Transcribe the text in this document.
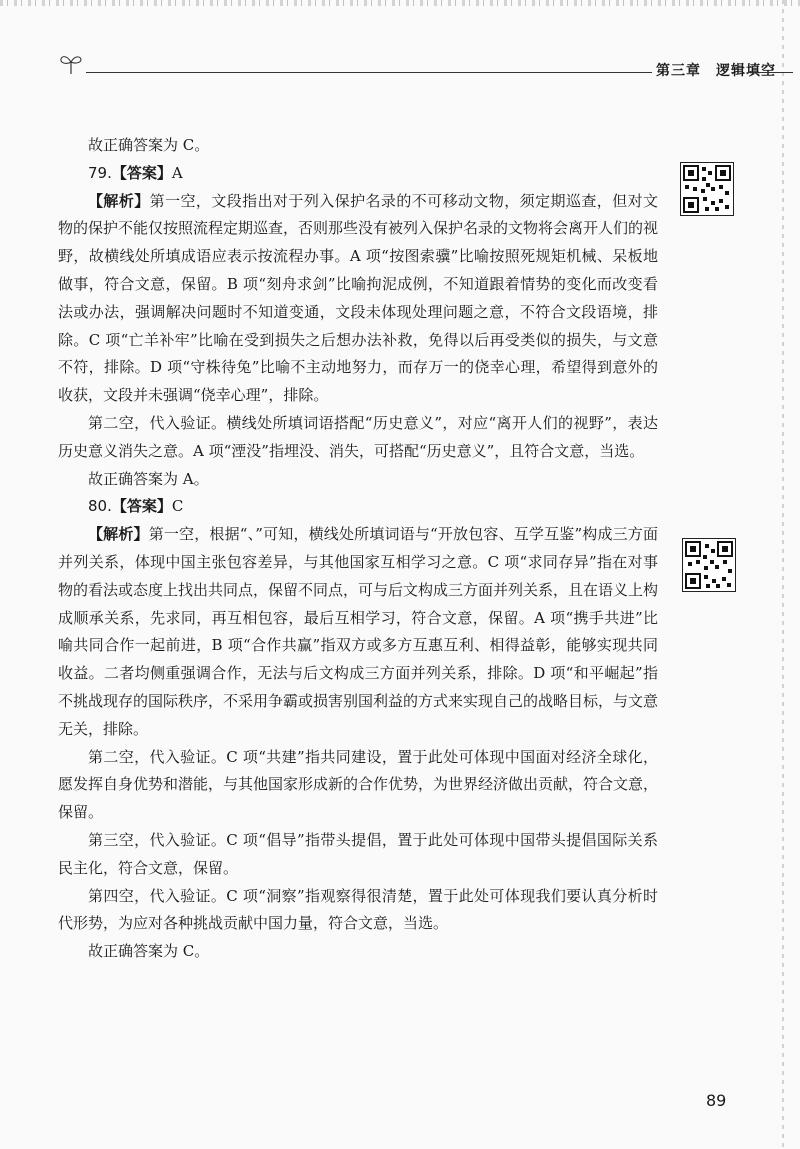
第三章　逻辑填空

故正确答案为 C。

79.【答案】A

【解析】第一空，文段指出对于列入保护名录的不可移动文物，须定期巡查，但对文物的保护不能仅按照流程定期巡查，否则那些没有被列入保护名录的文物将会离开人们的视野，故横线处所填成语应表示按流程办事。A 项“按图索骥”比喻按照死规矩机械、呆板地做事，符合文意，保留。B 项“刻舟求剑”比喻拘泥成例，不知道跟着情势的变化而改变看法或办法，强调解决问题时不知道变通，文段未体现处理问题之意，不符合文段语境，排除。C 项“亡羊补牢”比喻在受到损失之后想办法补救，免得以后再受类似的损失，与文意不符，排除。D 项“守株待兔”比喻不主动地努力，而存万一的侥幸心理，希望得到意外的收获，文段并未强调“侥幸心理”，排除。

第二空，代入验证。横线处所填词语搭配“历史意义”，对应“离开人们的视野”，表达历史意义消失之意。A 项“湮没”指埋没、消失，可搭配“历史意义”，且符合文意，当选。

故正确答案为 A。

80.【答案】C

【解析】第一空，根据“、”可知，横线处所填词语与“开放包容、互学互鉴”构成三方面并列关系，体现中国主张包容差异，与其他国家互相学习之意。C 项“求同存异”指在对事物的看法或态度上找出共同点，保留不同点，可与后文构成三方面并列关系，且在语义上构成顺承关系，先求同，再互相包容，最后互相学习，符合文意，保留。A 项“携手共进”比喻共同合作一起前进，B 项“合作共赢”指双方或多方互惠互利、相得益彰，能够实现共同收益。二者均侧重强调合作，无法与后文构成三方面并列关系，排除。D 项“和平崛起”指不挑战现存的国际秩序，不采用争霸或损害别国利益的方式来实现自己的战略目标，与文意无关，排除。

第二空，代入验证。C 项“共建”指共同建设，置于此处可体现中国面对经济全球化，愿发挥自身优势和潜能，与其他国家形成新的合作优势，为世界经济做出贡献，符合文意，保留。

第三空，代入验证。C 项“倡导”指带头提倡，置于此处可体现中国带头提倡国际关系民主化，符合文意，保留。

第四空，代入验证。C 项“洞察”指观察得很清楚，置于此处可体现我们要认真分析时代形势，为应对各种挑战贡献中国力量，符合文意，当选。

故正确答案为 C。

89
